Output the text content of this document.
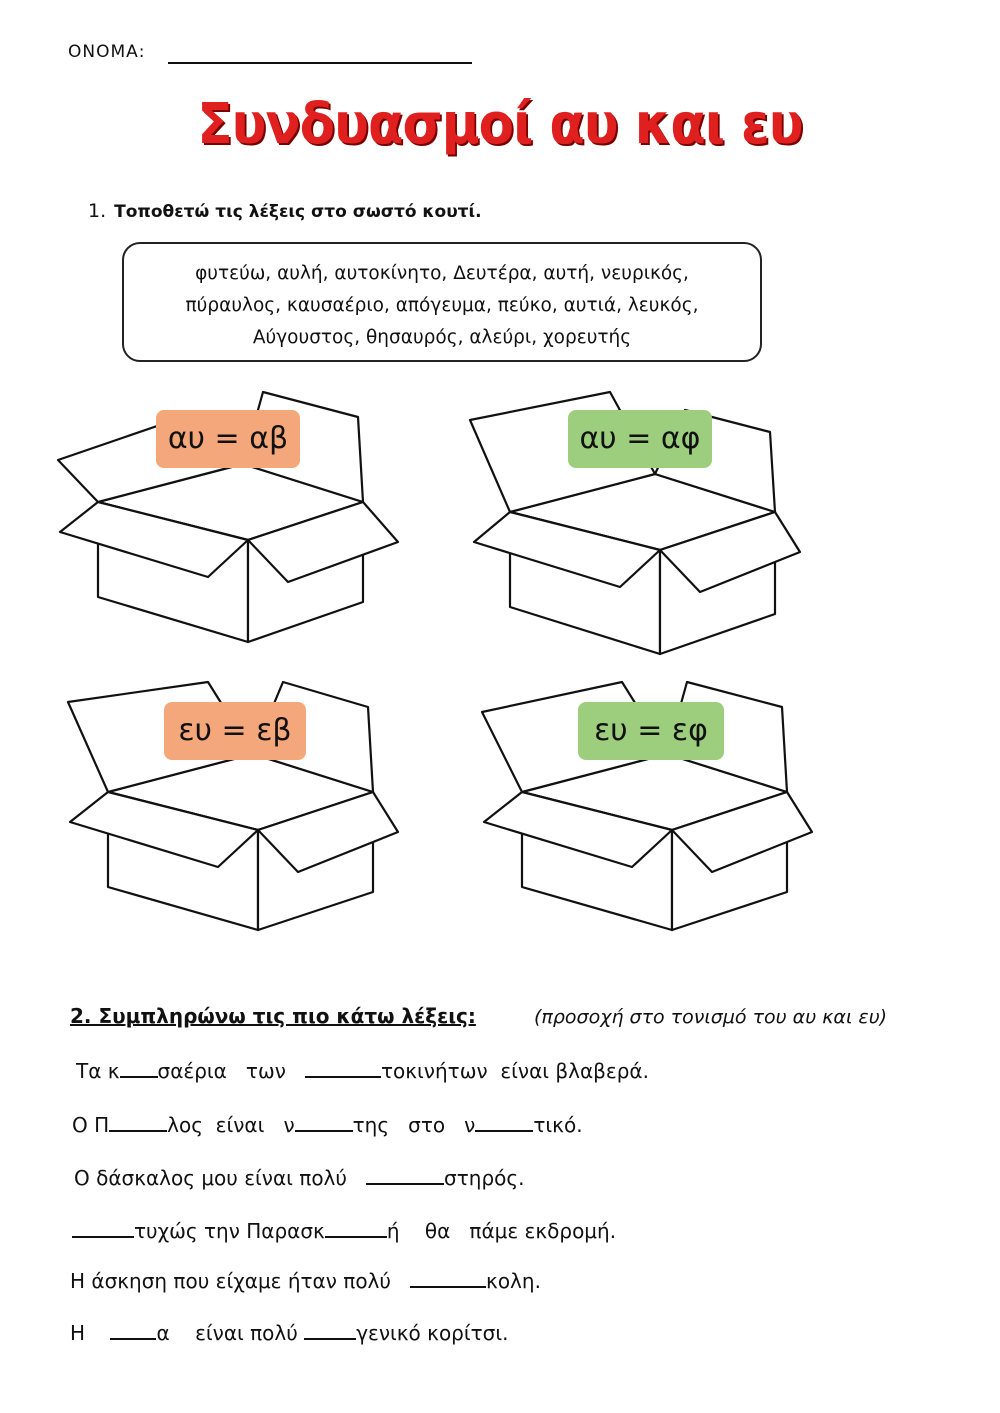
ΟΝΟΜΑ:
Συνδυασμοί αυ και ευ
1. Τοποθετώ τις λέξεις στο σωστό κουτί.
φυτεύω, αυλή, αυτοκίνητο, Δευτέρα, αυτή, νευρικός,
πύραυλος, καυσαέριο, απόγευμα, πεύκο, αυτιά, λευκός,
Αύγουστος, θησαυρός, αλεύρι, χορευτής
αυ = αβ	αυ = αφ
ευ = εβ	ευ = εφ
2. Συμπληρώνω τις πιο κάτω λέξεις:	(προσοχή στο τονισμό του αυ και ευ)
Τα κ σαέρια   των	τοκινήτων  είναι βλαβερά.
Ο Π	λος  είναι   ν	της   στο   ν	τικό.
Ο δάσκαλος μου είναι πολύ	στηρός.
τυχώς την Παρασκ	ή    θα   πάμε εκδρομή.
Η άσκηση που είχαμε ήταν πολύ	κολη.
Η    α    είναι πολύ	γενικό κορίτσι.
